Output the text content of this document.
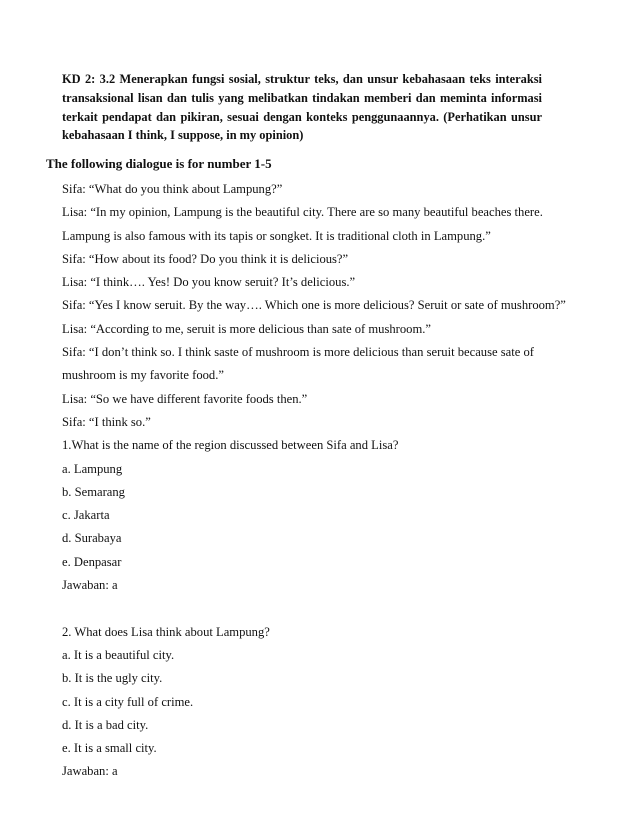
KD 2: 3.2 Menerapkan fungsi sosial, struktur teks, dan unsur kebahasaan teks interaksi
transaksional lisan dan tulis yang melibatkan tindakan memberi dan meminta informasi
terkait pendapat dan pikiran, sesuai dengan konteks penggunaannya. (Perhatikan unsur
kebahasaan I think, I suppose, in my opinion)
The following dialogue is for number 1-5
Sifa: “What do you think about Lampung?”
Lisa: “In my opinion, Lampung is the beautiful city. There are so many beautiful beaches there.
Lampung is also famous with its tapis or songket. It is traditional cloth in Lampung.”
Sifa: “How about its food? Do you think it is delicious?”
Lisa: “I think…. Yes! Do you know seruit? It’s delicious.”
Sifa: “Yes I know seruit. By the way…. Which one is more delicious? Seruit or sate of mushroom?”
Lisa: “According to me, seruit is more delicious than sate of mushroom.”
Sifa: “I don’t think so. I think saste of mushroom is more delicious than seruit because sate of
mushroom is my favorite food.”
Lisa: “So we have different favorite foods then.”
Sifa: “I think so.”
1.What is the name of the region discussed between Sifa and Lisa?
a. Lampung
b. Semarang
c. Jakarta
d. Surabaya
e. Denpasar
Jawaban: a
2. What does Lisa think about Lampung?
a. It is a beautiful city.
b. It is the ugly city.
c. It is a city full of crime.
d. It is a bad city.
e. It is a small city.
Jawaban: a
